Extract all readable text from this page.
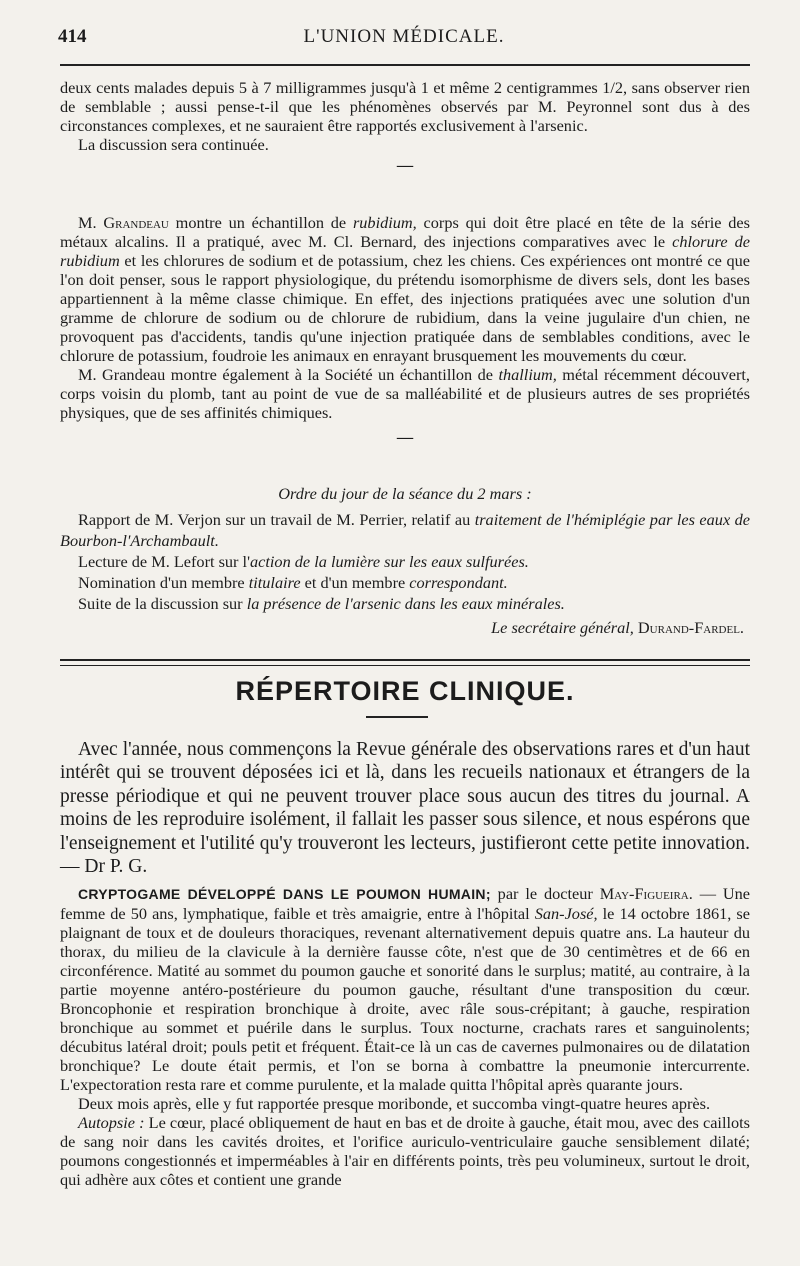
414	L'UNION MÉDICALE.

deux cents malades depuis 5 à 7 milligrammes jusqu'à 1 et même 2 centigrammes 1/2, sans observer rien de semblable ; aussi pense-t-il que les phénomènes observés par M. Peyronnel sont dus à des circonstances complexes, et ne sauraient être rapportés exclusivement à l'arsenic.

La discussion sera continuée.

—

M. Grandeau montre un échantillon de rubidium, corps qui doit être placé en tête de la série des métaux alcalins. Il a pratiqué, avec M. Cl. Bernard, des injections comparatives avec le chlorure de rubidium et les chlorures de sodium et de potassium, chez les chiens. Ces expériences ont montré ce que l'on doit penser, sous le rapport physiologique, du prétendu isomorphisme de divers sels, dont les bases appartiennent à la même classe chimique. En effet, des injections pratiquées avec une solution d'un gramme de chlorure de sodium ou de chlorure de rubidium, dans la veine jugulaire d'un chien, ne provoquent pas d'accidents, tandis qu'une injection pratiquée dans de semblables conditions, avec le chlorure de potassium, foudroie les animaux en enrayant brusquement les mouvements du cœur.

M. Grandeau montre également à la Société un échantillon de thallium, métal récemment découvert, corps voisin du plomb, tant au point de vue de sa malléabilité et de plusieurs autres de ses propriétés physiques, que de ses affinités chimiques.

—

Ordre du jour de la séance du 2 mars :

Rapport de M. Verjon sur un travail de M. Perrier, relatif au traitement de l'hémiplégie par les eaux de Bourbon-l'Archambault.

Lecture de M. Lefort sur l'action de la lumière sur les eaux sulfurées.

Nomination d'un membre titulaire et d'un membre correspondant.

Suite de la discussion sur la présence de l'arsenic dans les eaux minérales.

Le secrétaire général, Durand-Fardel.

RÉPERTOIRE CLINIQUE.

Avec l'année, nous commençons la Revue générale des observations rares et d'un haut intérêt qui se trouvent déposées ici et là, dans les recueils nationaux et étrangers de la presse périodique et qui ne peuvent trouver place sous aucun des titres du journal. A moins de les reproduire isolément, il fallait les passer sous silence, et nous espérons que l'enseignement et l'utilité qu'y trouveront les lecteurs, justifieront cette petite innovation. — Dr P. G.

CRYPTOGAME DÉVELOPPÉ DANS LE POUMON HUMAIN; par le docteur May-Figueira. — Une femme de 50 ans, lymphatique, faible et très amaigrie, entre à l'hôpital San-José, le 14 octobre 1861, se plaignant de toux et de douleurs thoraciques, revenant alternativement depuis quatre ans. La hauteur du thorax, du milieu de la clavicule à la dernière fausse côte, n'est que de 30 centimètres et de 66 en circonférence. Matité au sommet du poumon gauche et sonorité dans le surplus; matité, au contraire, à la partie moyenne antéro-postérieure du poumon gauche, résultant d'une transposition du cœur. Broncophonie et respiration bronchique à droite, avec râle sous-crépitant; à gauche, respiration bronchique au sommet et puérile dans le surplus. Toux nocturne, crachats rares et sanguinolents; décubitus latéral droit; pouls petit et fréquent. Était-ce là un cas de cavernes pulmonaires ou de dilatation bronchique? Le doute était permis, et l'on se borna à combattre la pneumonie intercurrente. L'expectoration resta rare et comme purulente, et la malade quitta l'hôpital après quarante jours.

Deux mois après, elle y fut rapportée presque moribonde, et succomba vingt-quatre heures après.

Autopsie : Le cœur, placé obliquement de haut en bas et de droite à gauche, était mou, avec des caillots de sang noir dans les cavités droites, et l'orifice auriculo-ventriculaire gauche sensiblement dilaté; poumons congestionnés et imperméables à l'air en différents points, très peu volumineux, surtout le droit, qui adhère aux côtes et contient une grande
